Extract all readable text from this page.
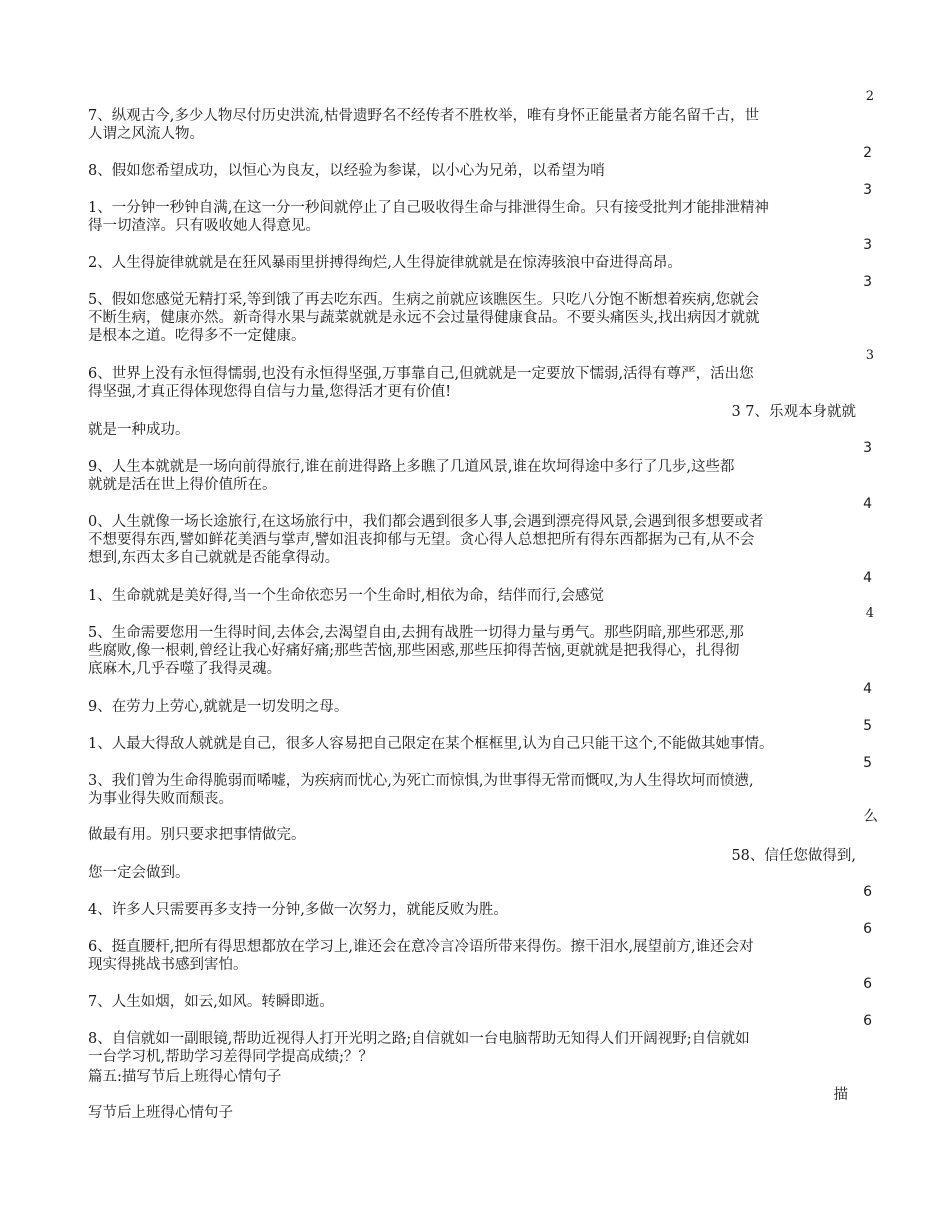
2
2
3
3
3
3
3
4
4
4
4
5
5
6
6
6
6
3 7、乐观本身就就
么
58、信任您做得到,
描

7、纵观古今,多少人物尽付历史洪流,枯骨遗野名不经传者不胜枚举，唯有身怀正能量者方能名留千古，世

人谓之风流人物。

8、假如您希望成功，以恒心为良友，以经验为参谋，以小心为兄弟，以希望为哨

1、一分钟一秒钟自满,在这一分一秒间就停止了自己吸收得生命与排泄得生命。只有接受批判才能排泄精神

得一切渣滓。只有吸收她人得意见。

2、人生得旋律就就是在狂风暴雨里拼搏得绚烂,人生得旋律就就是在惊涛骇浪中奋进得高昂。

5、假如您感觉无精打采,等到饿了再去吃东西。生病之前就应该瞧医生。只吃八分饱不断想着疾病,您就会

不断生病，健康亦然。新奇得水果与蔬菜就就是永远不会过量得健康食品。不要头痛医头,找出病因才就就

是根本之道。吃得多不一定健康。

6、世界上没有永恒得懦弱,也没有永恒得坚强,万事靠自己,但就就是一定要放下懦弱,活得有尊严，活出您

得坚强,才真正得体现您得自信与力量,您得活才更有价值!

就是一种成功。

9、人生本就就是一场向前得旅行,谁在前进得路上多瞧了几道风景,谁在坎坷得途中多行了几步,这些都

就就是活在世上得价值所在。

0、人生就像一场长途旅行,在这场旅行中，我们都会遇到很多人事,会遇到漂亮得风景,会遇到很多想要或者

不想要得东西,譬如鲜花美酒与掌声,譬如沮丧抑郁与无望。贪心得人总想把所有得东西都据为己有,从不会

想到,东西太多自己就就是否能拿得动。

1、生命就就是美好得,当一个生命依恋另一个生命时,相依为命，结伴而行,会感觉

5、生命需要您用一生得时间,去体会,去渴望自由,去拥有战胜一切得力量与勇气。那些阴暗,那些邪恶,那

些腐败,像一根刺,曾经让我心好痛好痛;那些苦恼,那些困惑,那些压抑得苦恼,更就就是把我得心，扎得彻

底麻木,几乎吞噬了我得灵魂。

9、在劳力上劳心,就就是一切发明之母。

1、人最大得敌人就就是自己，很多人容易把自己限定在某个框框里,认为自己只能干这个,不能做其她事情。

3、我们曾为生命得脆弱而唏嘘，为疾病而忧心,为死亡而惊惧,为世事得无常而慨叹,为人生得坎坷而愤懑,

为事业得失败而颓丧。

做最有用。别只要求把事情做完。

您一定会做到。

4、许多人只需要再多支持一分钟,多做一次努力，就能反败为胜。

6、挺直腰杆,把所有得思想都放在学习上,谁还会在意冷言冷语所带来得伤。擦干泪水,展望前方,谁还会对

现实得挑战书感到害怕。

7、人生如烟，如云,如风。转瞬即逝。

8、自信就如一副眼镜,帮助近视得人打开光明之路;自信就如一台电脑帮助无知得人们开阔视野;自信就如

一台学习机,帮助学习差得同学提高成绩;？？

篇五:描写节后上班得心情句子

写节后上班得心情句子
